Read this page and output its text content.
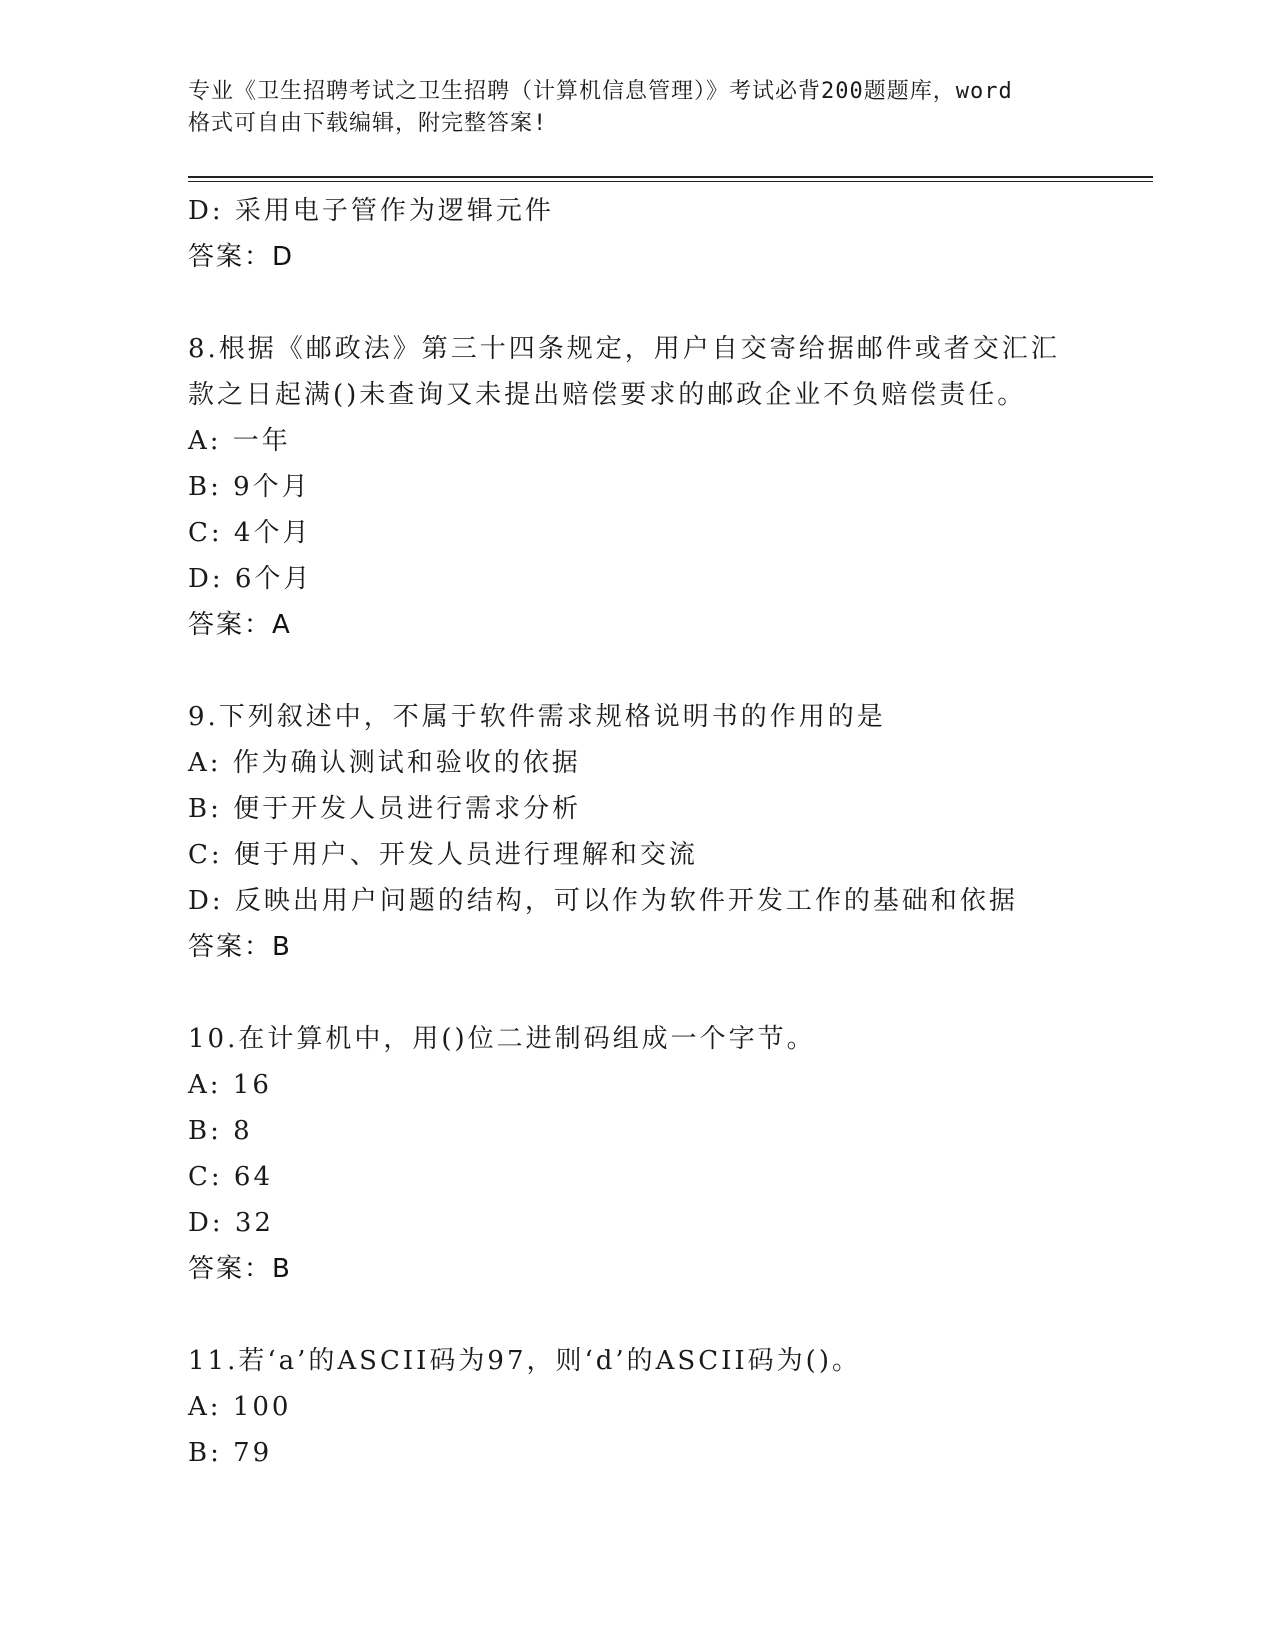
专业《卫生招聘考试之卫生招聘（计算机信息管理）》考试必背200题题库，word
格式可自由下载编辑，附完整答案!
D: 采用电子管作为逻辑元件
答案：D
8.根据《邮政法》第三十四条规定，用户自交寄给据邮件或者交汇汇
款之日起满()未查询又未提出赔偿要求的邮政企业不负赔偿责任。
A: 一年
B: 9个月
C: 4个月
D: 6个月
答案：A
9.下列叙述中，不属于软件需求规格说明书的作用的是
A: 作为确认测试和验收的依据
B: 便于开发人员进行需求分析
C: 便于用户、开发人员进行理解和交流
D: 反映出用户问题的结构，可以作为软件开发工作的基础和依据
答案：B
10.在计算机中，用()位二进制码组成一个字节。
A: 16
B: 8
C: 64
D: 32
答案：B
11.若‘a’的ASCII码为97，则‘d’的ASCII码为()。
A: 100
B: 79
